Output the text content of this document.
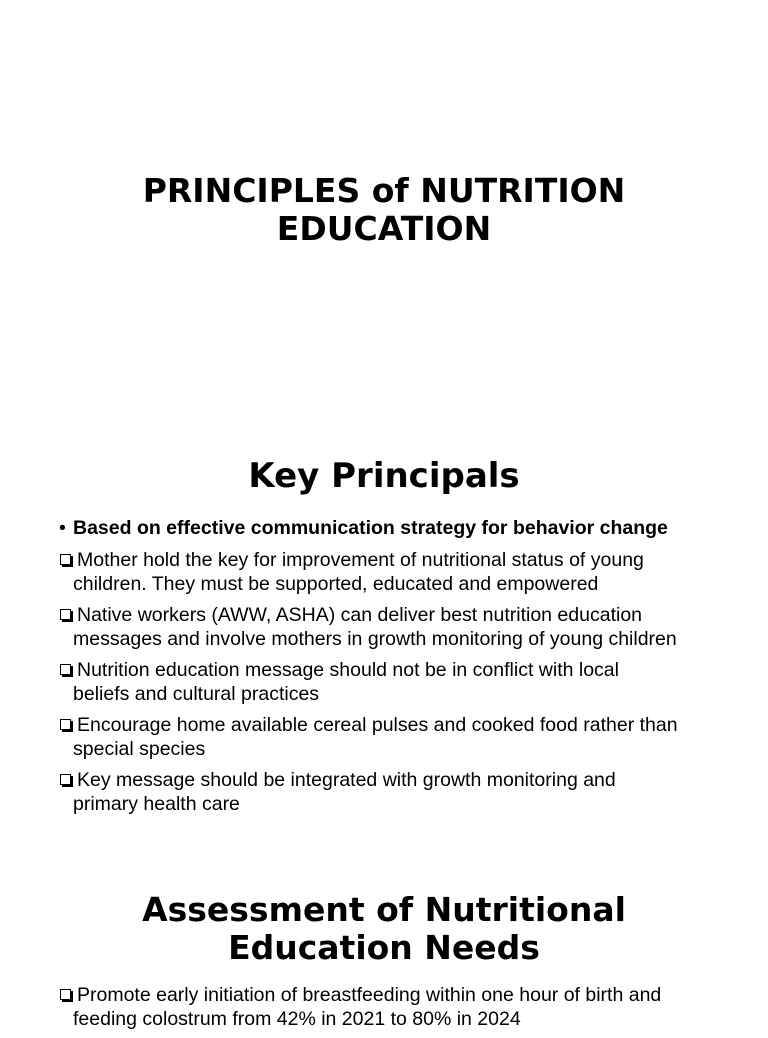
PRINCIPLES of NUTRITION
EDUCATION
Key Principals
• Based on effective communication strategy for behavior change
Mother hold the key for improvement of nutritional status of young
children. They must be supported, educated and empowered
Native workers (AWW, ASHA) can deliver best nutrition education
messages and involve mothers in growth monitoring of young children
Nutrition education message should not be in conflict with local
beliefs and cultural practices
Encourage home available cereal pulses and cooked food rather than
special species
Key message should be integrated with growth monitoring and
primary health care
Assessment of Nutritional
Education Needs
Promote early initiation of breastfeeding within one hour of birth and
feeding colostrum from 42% in 2021 to 80% in 2024
